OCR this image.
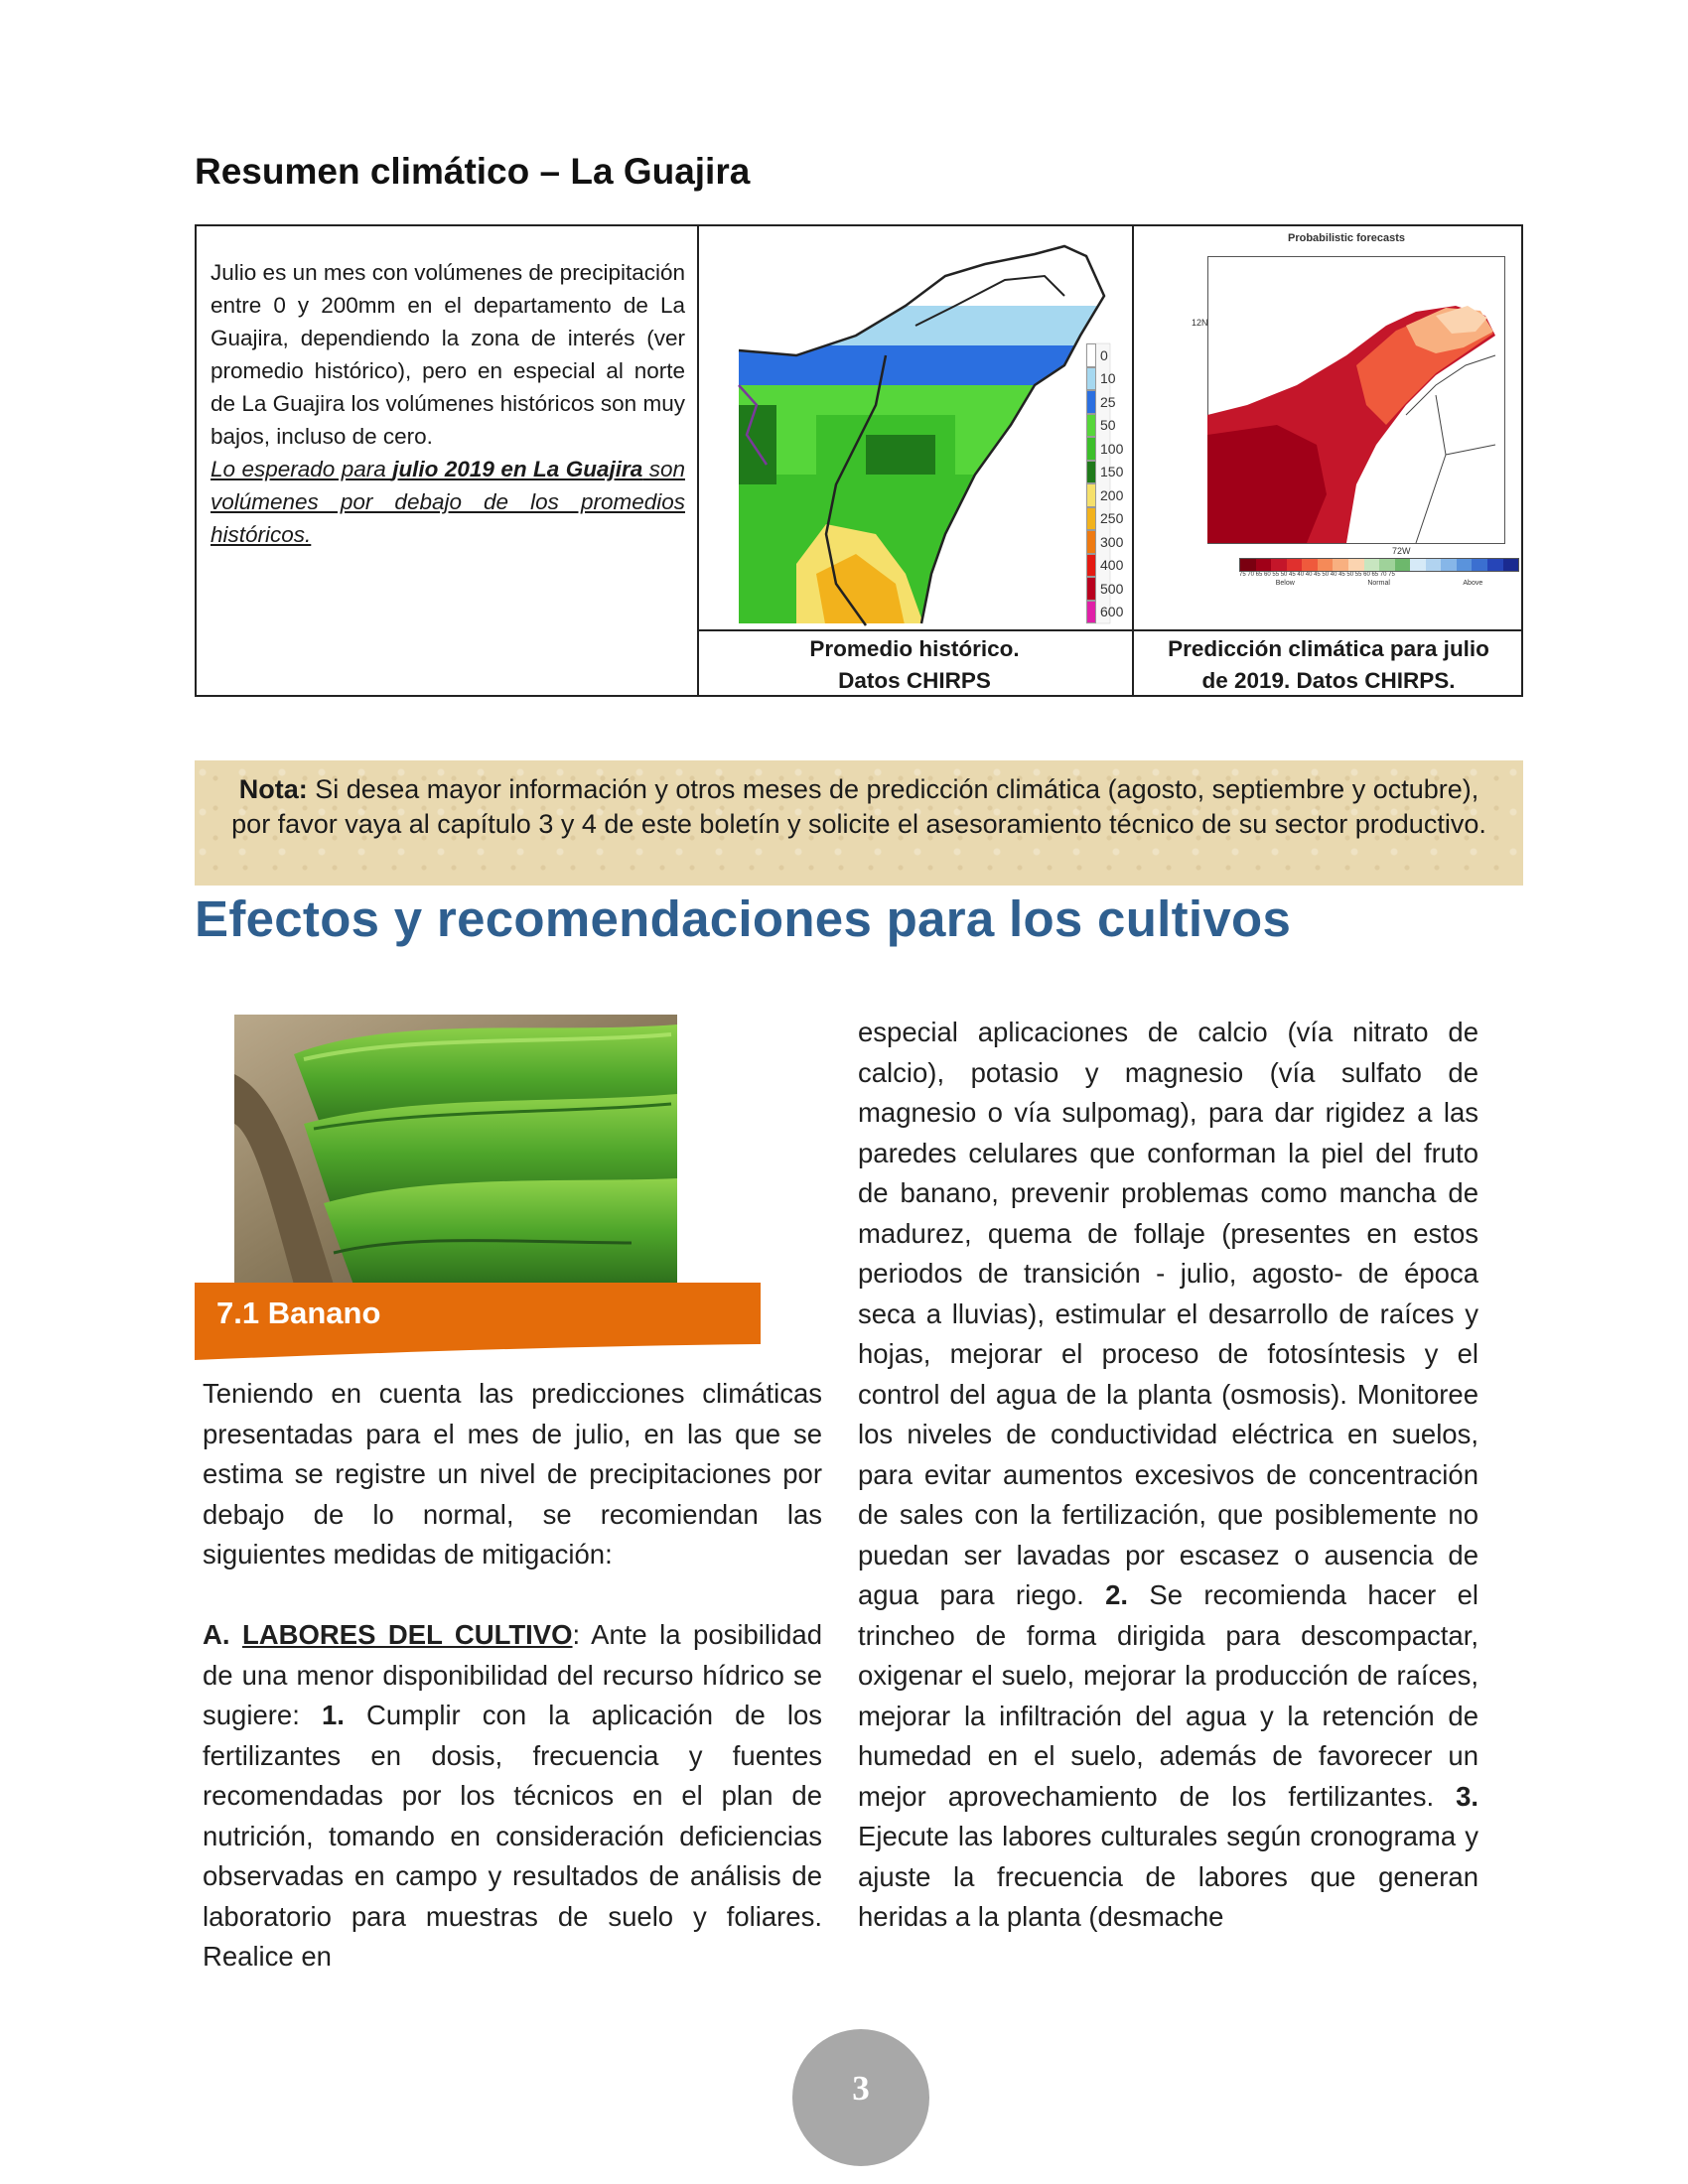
Resumen climático – La Guajira
Julio es un mes con volúmenes de precipitación entre 0 y 200mm en el departamento de La Guajira, dependiendo la zona de interés (ver promedio histórico), pero en especial al norte de La Guajira los volúmenes históricos son muy bajos, incluso de cero.
Lo esperado para julio 2019 en La Guajira son volúmenes por debajo de los promedios históricos.
0
10
25
50
100
150
200
250
300
400
500
600
Promedio histórico.
Datos CHIRPS
Probabilistic forecasts
12N
72W
75 70 65 60 55 50 45 40 40 45 50 40 45 50 55 60 65 70 75
Below	Normal	Above
Predicción climática para julio
de 2019. Datos CHIRPS.
Nota: Si desea mayor información y otros meses de predicción climática (agosto, septiembre y octubre), por favor vaya al capítulo 3 y 4 de este boletín y solicite el asesoramiento técnico de su sector productivo.
Efectos y recomendaciones para los cultivos
7.1 Banano

Teniendo en cuenta las predicciones climáticas presentadas para el mes de julio, en las que se estima se registre un nivel de precipitaciones por debajo de lo normal, se recomiendan las siguientes medidas de mitigación:

A. LABORES DEL CULTIVO: Ante la posibilidad de una menor disponibilidad del recurso hídrico se sugiere: 1. Cumplir con la aplicación de los fertilizantes en dosis, frecuencia y fuentes recomendadas por los técnicos en el plan de nutrición, tomando en consideración deficiencias observadas en campo y resultados de análisis de laboratorio para muestras de suelo y foliares. Realice en

especial aplicaciones de calcio (vía nitrato de calcio), potasio y magnesio (vía sulfato de magnesio o vía sulpomag), para dar rigidez a las paredes celulares que conforman la piel del fruto de banano, prevenir problemas como mancha de madurez, quema de follaje (presentes en estos periodos de transición - julio, agosto- de época seca a lluvias), estimular el desarrollo de raíces y hojas, mejorar el proceso de fotosíntesis y el control del agua de la planta (osmosis). Monitoree los niveles de conductividad eléctrica en suelos, para evitar aumentos excesivos de concentración de sales con la fertilización, que posiblemente no puedan ser lavadas por escasez o ausencia de agua para riego. 2. Se recomienda hacer el trincheo de forma dirigida para descompactar, oxigenar el suelo, mejorar la producción de raíces, mejorar la infiltración del agua y la retención de humedad en el suelo, además de favorecer un mejor aprovechamiento de los fertilizantes. 3. Ejecute las labores culturales según cronograma y ajuste la frecuencia de labores que generan heridas a la planta (desmache

3
